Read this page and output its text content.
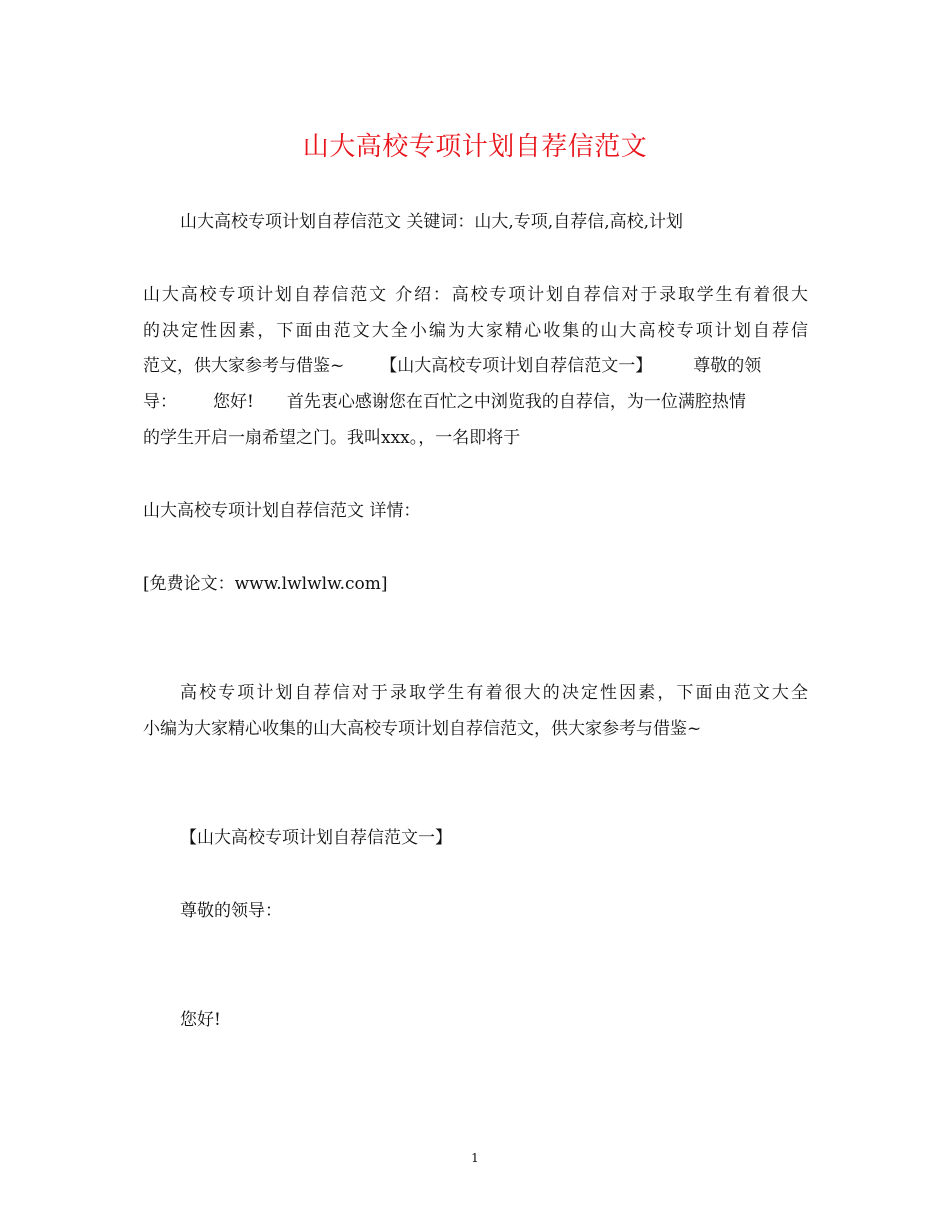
山大高校专项计划自荐信范文
山大高校专项计划自荐信范文 关键词：山大,专项,自荐信,高校,计划
山大高校专项计划自荐信范文 介绍：高校专项计划自荐信对于录取学生有着很大
的决定性因素，下面由范文大全小编为大家精心收集的山大高校专项计划自荐信
范文，供大家参考与借鉴~ 【山大高校专项计划自荐信范文一】 尊敬的领
导： 您好! 首先衷心感谢您在百忙之中浏览我的自荐信，为一位满腔热情
的学生开启一扇希望之门。我叫xxx。，一名即将于
山大高校专项计划自荐信范文 详情：
[免费论文：www.lwlwlw.com]
高校专项计划自荐信对于录取学生有着很大的决定性因素，下面由范文大全
小编为大家精心收集的山大高校专项计划自荐信范文，供大家参考与借鉴~
【山大高校专项计划自荐信范文一】
尊敬的领导：
您好!
1
